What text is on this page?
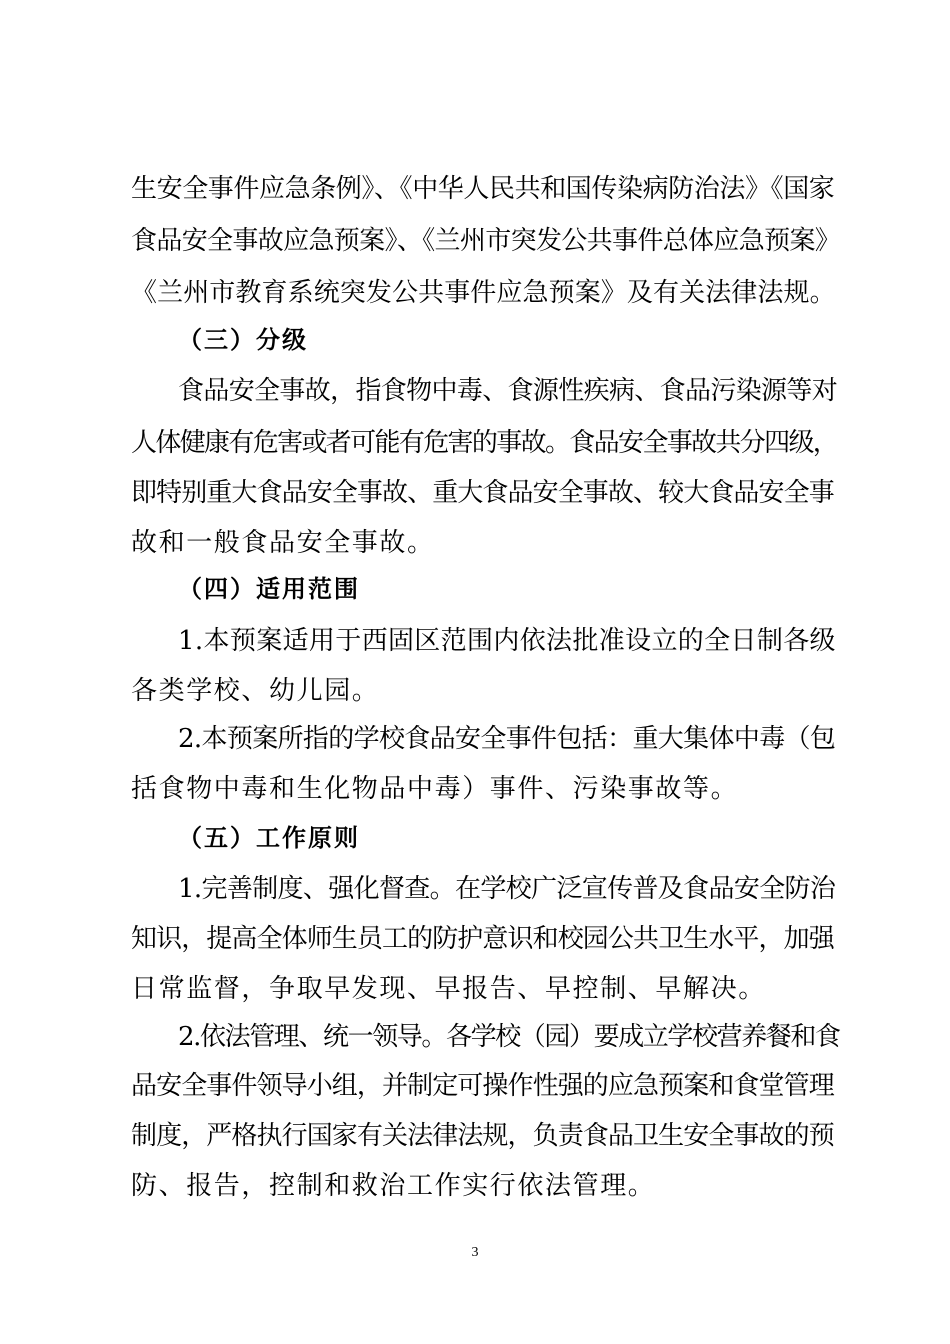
生安全事件应急条例》、《中华人民共和国传染病防治法》《国家
食品安全事故应急预案》、《兰州市突发公共事件总体应急预案》
《兰州市教育系统突发公共事件应急预案》及有关法律法规。
（三）分级
食品安全事故，指食物中毒、食源性疾病、食品污染源等对
人体健康有危害或者可能有危害的事故。食品安全事故共分四级，
即特别重大食品安全事故、重大食品安全事故、较大食品安全事
故和一般食品安全事故。
（四）适用范围
1.本预案适用于西固区范围内依法批准设立的全日制各级
各类学校、幼儿园。
2.本预案所指的学校食品安全事件包括：重大集体中毒（包
括食物中毒和生化物品中毒）事件、污染事故等。
（五）工作原则
1.完善制度、强化督查。在学校广泛宣传普及食品安全防治
知识，提高全体师生员工的防护意识和校园公共卫生水平，加强
日常监督，争取早发现、早报告、早控制、早解决。
2.依法管理、统一领导。各学校（园）要成立学校营养餐和食
品安全事件领导小组，并制定可操作性强的应急预案和食堂管理
制度，严格执行国家有关法律法规，负责食品卫生安全事故的预
防、报告，控制和救治工作实行依法管理。
3
